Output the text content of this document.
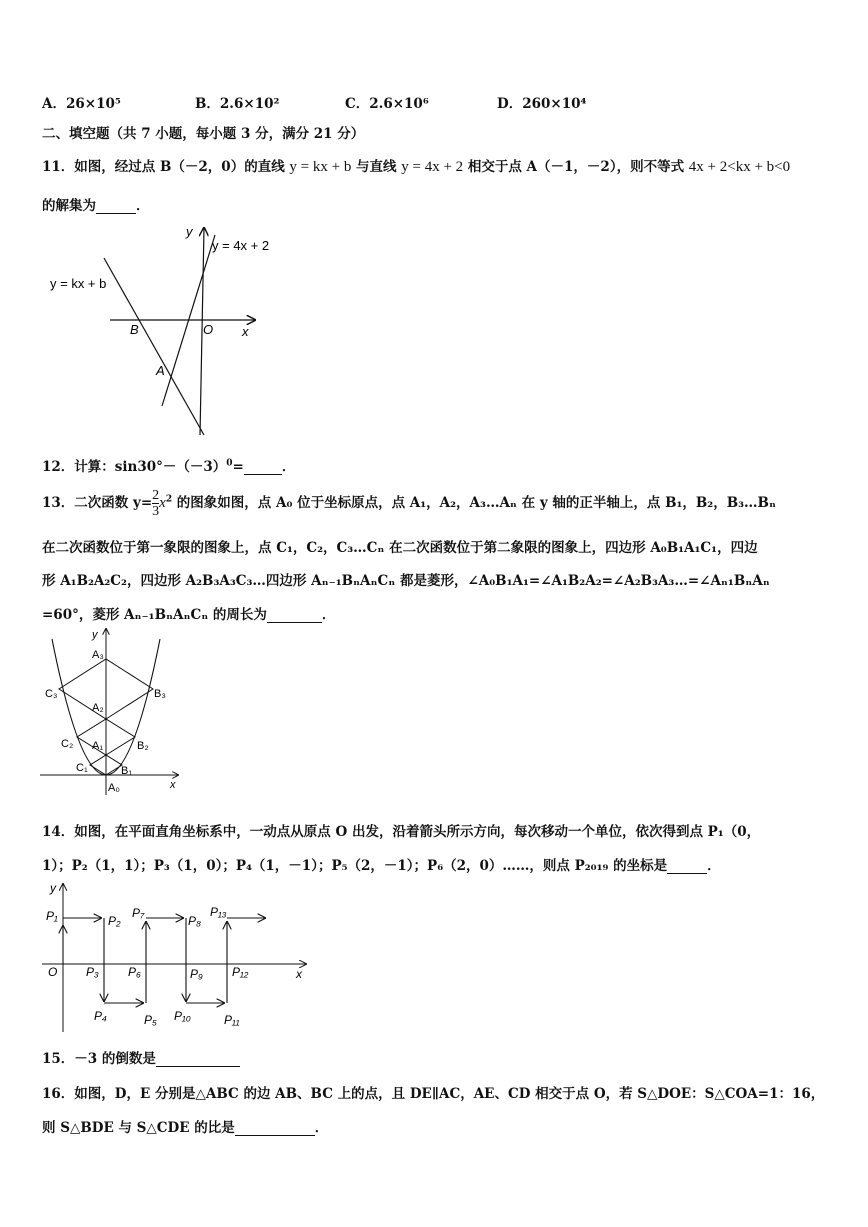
A．26×10⁵	B．2.6×10²	C．2.6×10⁶	D．260×10⁴
二、填空题（共 7 小题，每小题 3 分，满分 21 分）
11．如图，经过点 B（－2，0）的直线 y = kx + b 与直线 y = 4x + 2 相交于点 A（－1，－2），则不等式 4x + 2<kx + b<0
的解集为	．
y
x
O
B
A
y = 4x + 2
y = kx + b
12．计算：$\sin 30^\circ-(-3)^0=$	．
13．二次函数 $y= \frac{2}{3} x^2$ 的图象如图，点 A₀ 位于坐标原点，点 A₁，A₂，A₃…Aₙ 在 y 轴的正半轴上，点 B₁，B₂，B₃…Bₙ
在二次函数位于第一象限的图象上，点 C₁，C₂，C₃…Cₙ 在二次函数位于第二象限的图象上，四边形 A₀B₁A₁C₁，四边
形 A₁B₂A₂C₂，四边形 A₂B₃A₃C₃…四边形 Aₙ₋₁BₙAₙCₙ 都是菱形，∠A₀B₁A₁=∠A₁B₂A₂=∠A₂B₃A₃…=∠Aₙ₁BₙAₙ
=60°，菱形 Aₙ₋₁BₙAₙCₙ 的周长为	．
y
x
A₃
A₂
A₁
A₀
B₃
B₂
B₁
C₃
C₂
C₁
14．如图，在平面直角坐标系中，一动点从原点 O 出发，沿着箭头所示方向，每次移动一个单位，依次得到点 P₁（0，
1）；P₂（1，1）；P₃（1，0）；P₄（1，－1）；P₅（2，－1）；P₆（2，0）……，则点 P₂₀₁₉ 的坐标是	．
y
x
O
P₁	P₂
P₃
P₄	P₅
P₆
P₇
P₈
P₉
P₁₀	P₁₁
P₁₂
P₁₃
15．－3 的倒数是
16．如图，D，E 分别是△ABC 的边 AB、BC 上的点，且 DE∥AC，AE、CD 相交于点 O，若 S△DOE：S△COA=1：16，
则 S△BDE 与 S△CDE 的比是	．
